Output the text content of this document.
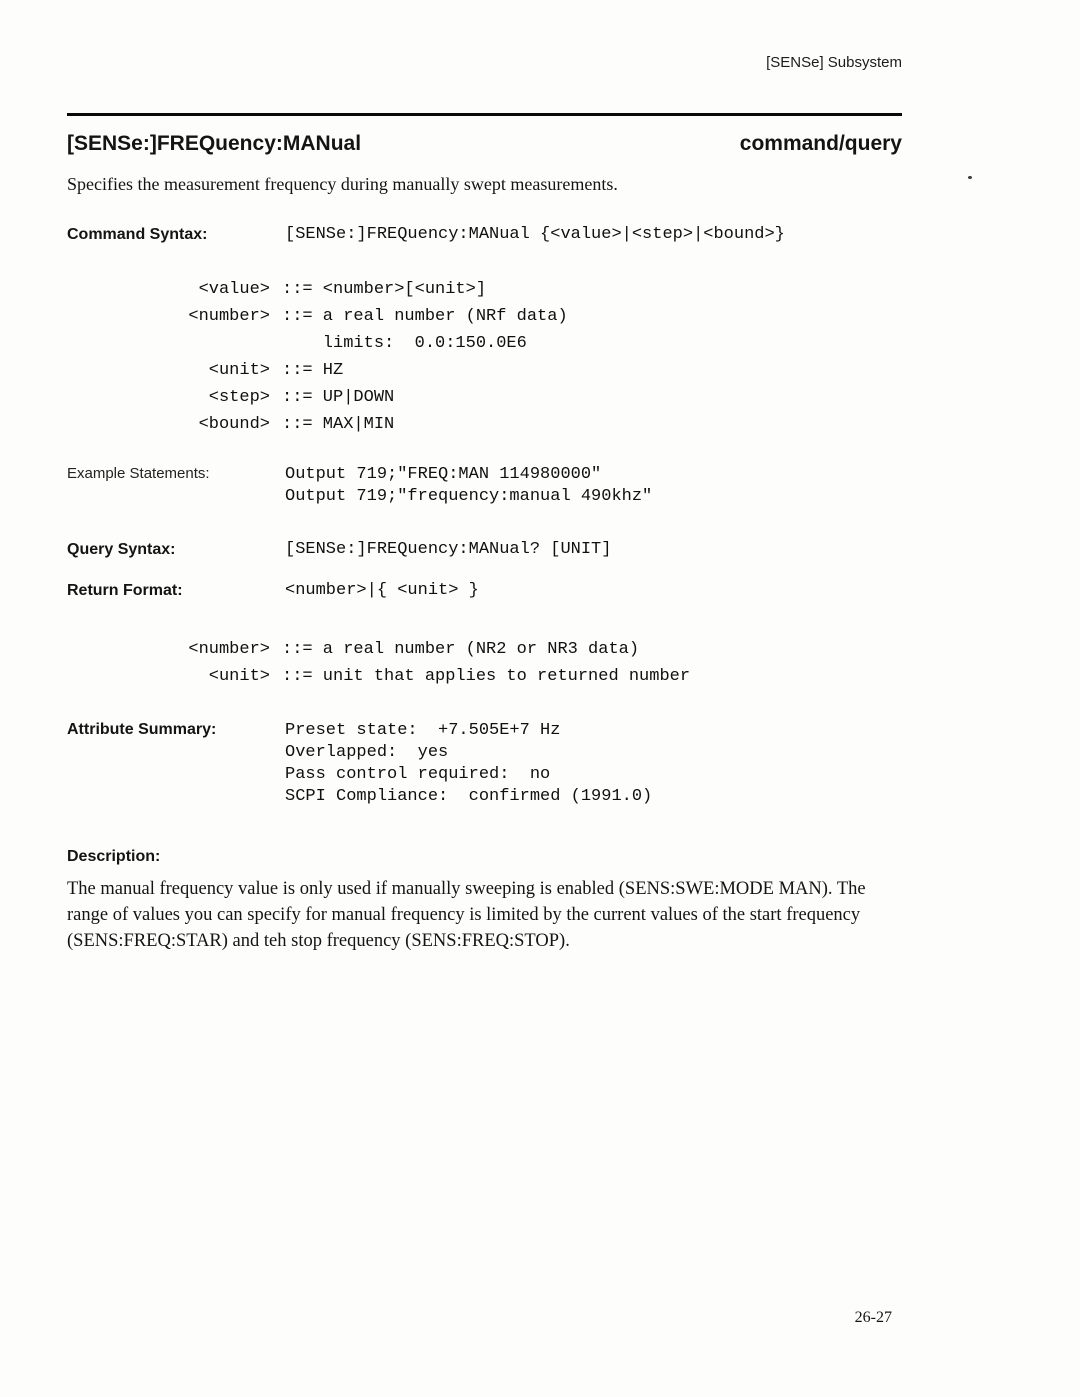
[SENSe] Subsystem
[SENSe:]FREQuency:MANual	command/query

Specifies the measurement frequency during manually swept measurements.

Command Syntax:	[SENSe:]FREQuency:MANual {<value>|<step>|<bound>}
<value> ::= <number>[<unit>]
<number> ::= a real number (NRf data)
limits:  0.0:150.0E6
<unit> ::= HZ
<step> ::= UP|DOWN
<bound> ::= MAX|MIN
Example Statements:	Output 719;"FREQ:MAN 114980000"
Output 719;"frequency:manual 490khz"
Query Syntax:	[SENSe:]FREQuency:MANual? [UNIT]
Return Format:	<number>|{ <unit> }
<number> ::= a real number (NR2 or NR3 data)
<unit> ::= unit that applies to returned number
Attribute Summary:	Preset state:  +7.505E+7 Hz
Overlapped:  yes
Pass control required:  no
SCPI Compliance:  confirmed (1991.0)
Description:
The manual frequency value is only used if manually sweeping is enabled (SENS:SWE:MODE MAN). The range of values you can specify for manual frequency is limited by the current values of the start frequency (SENS:FREQ:STAR) and teh stop frequency (SENS:FREQ:STOP).
26-27
